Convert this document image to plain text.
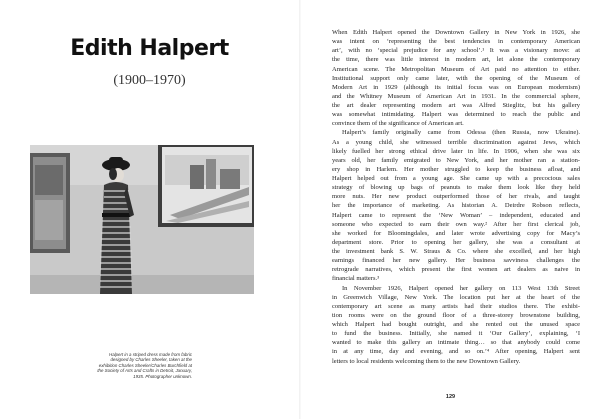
Edith Halpert
(1900–1970)
Halpert in a striped dress made from fabric
designed by Charles Sheeler, taken at the
exhibition Charles Sheeler/Charles Burchfield at
the Society of Arts and Crafts in Detroit, January,
1935. Photographer unknown.

When Edith Halpert opened the Downtown Gallery in New York in 1926, she
was intent on ‘representing the best tendencies in contemporary American
art’, with no ‘special prejudice for any school’.¹ It was a visionary move: at
the time, there was little interest in modern art, let alone the contemporary
American scene. The Metropolitan Museum of Art paid no attention to either.
Institutional support only came later, with the opening of the Museum of
Modern Art in 1929 (although its initial focus was on European modernism)
and the Whitney Museum of American Art in 1931. In the commercial sphere,
the art dealer representing modern art was Alfred Stieglitz, but his gallery
was somewhat intimidating. Halpert was determined to reach the public and
convince them of the significance of American art.

Halpert’s family originally came from Odessa (then Russia, now Ukraine).
As a young child, she witnessed terrible discrimination against Jews, which
likely fuelled her strong ethical drive later in life. In 1906, when she was six
years old, her family emigrated to New York, and her mother ran a station-
ery shop in Harlem. Her mother struggled to keep the business afloat, and
Halpert helped out from a young age. She came up with a precocious sales
strategy of blowing up bags of peanuts to make them look like they held
more nuts. Her new product outperformed those of her rivals, and taught
her the importance of marketing. As historian A. Deirdre Robson reflects,
Halpert came to represent the ‘New Woman’ – independent, educated and
someone who expected to earn their own way.² After her first clerical job,
she worked for Bloomingdales, and later wrote advertising copy for Macy’s
department store. Prior to opening her gallery, she was a consultant at
the investment bank S. W. Straus & Co. where she excelled, and her high
earnings financed her new gallery. Her business savviness challenges the
retrograde narratives, which present the first women art dealers as naive in
financial matters.³

In November 1926, Halpert opened her gallery on 113 West 13th Street
in Greenwich Village, New York. The location put her at the heart of the
contemporary art scene as many artists had their studios there. The exhibi-
tion rooms were on the ground floor of a three-storey brownstone building,
which Halpert had bought outright, and she rented out the unused space
to fund the business. Initially, she named it ‘Our Gallery’, explaining, ‘I
wanted to make this gallery an intimate thing… so that anybody could come
in at any time, day and evening, and so on.’⁴ After opening, Halpert sent
letters to local residents welcoming them to the new Downtown Gallery.

129
